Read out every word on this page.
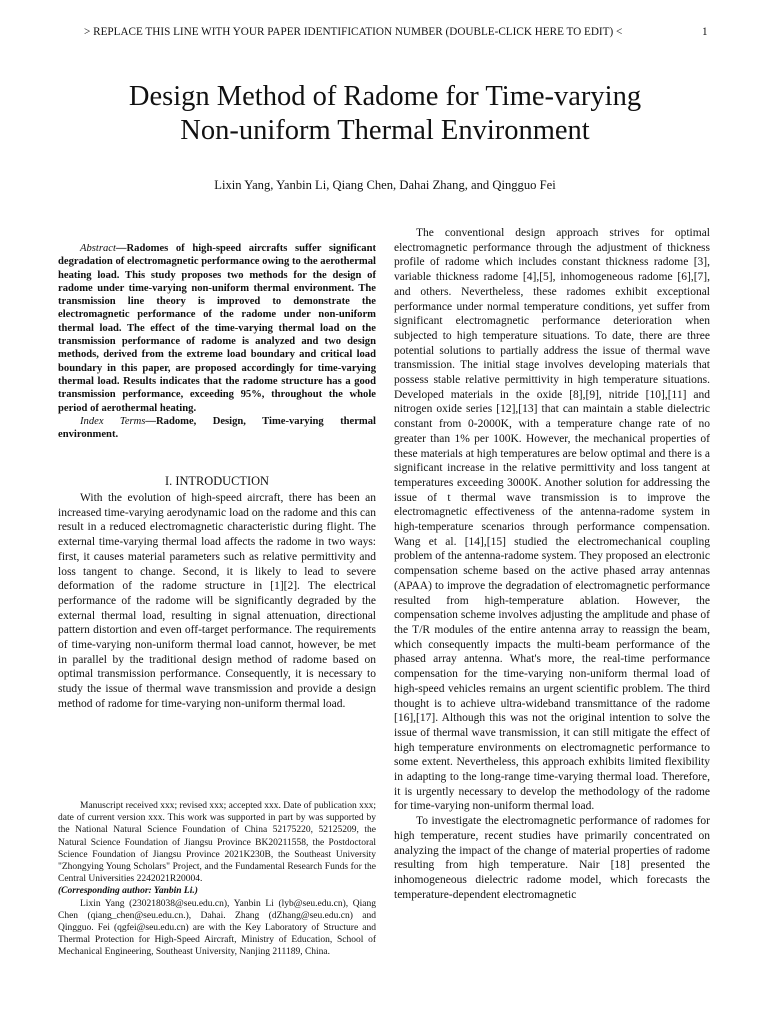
> REPLACE THIS LINE WITH YOUR PAPER IDENTIFICATION NUMBER (DOUBLE-CLICK HERE TO EDIT) <	1
Design Method of Radome for Time-varying
Non-uniform Thermal Environment
Lixin Yang, Yanbin Li, Qiang Chen, Dahai Zhang, and Qingguo Fei

Abstract—Radomes of high-speed aircrafts suffer significant degradation of electromagnetic performance owing to the aerothermal heating load. This study proposes two methods for the design of radome under time-varying non-uniform thermal environment. The transmission line theory is improved to demonstrate the electromagnetic performance of the radome under non-uniform thermal load. The effect of the time-varying thermal load on the transmission performance of radome is analyzed and two design methods, derived from the extreme load boundary and critical load boundary in this paper, are proposed accordingly for time-varying thermal load. Results indicates that the radome structure has a good transmission performance, exceeding 95%, throughout the whole period of aerothermal heating.

Index Terms—Radome, Design, Time-varying thermal environment.

I. INTRODUCTION

With the evolution of high-speed aircraft, there has been an increased time-varying aerodynamic load on the radome and this can result in a reduced electromagnetic characteristic during flight. The external time-varying thermal load affects the radome in two ways: first, it causes material parameters such as relative permittivity and loss tangent to change. Second, it is likely to lead to severe deformation of the radome structure in [1][2]. The electrical performance of the radome will be significantly degraded by the external thermal load, resulting in signal attenuation, directional pattern distortion and even off-target performance. The requirements of time-varying non-uniform thermal load cannot, however, be met in parallel by the traditional design method of radome based on optimal transmission performance. Consequently, it is necessary to study the issue of thermal wave transmission and provide a design method of radome for time-varying non-uniform thermal load.

Manuscript received xxx; revised xxx; accepted xxx. Date of publication xxx; date of current version xxx. This work was supported in part by was supported by the National Natural Science Foundation of China 52175220, 52125209, the Natural Science Foundation of Jiangsu Province BK20211558, the Postdoctoral Science Foundation of Jiangsu Province 2021K230B, the Southeast University "Zhongying Young Scholars" Project, and the Fundamental Research Funds for the Central Universities 2242021R20004.
(Corresponding author: Yanbin Li.)

Lixin Yang (230218038@seu.edu.cn), Yanbin Li (lyb@seu.edu.cn), Qiang Chen (qiang_chen@seu.edu.cn.), Dahai. Zhang (dZhang@seu.edu.cn) and Qingguo. Fei (qgfei@seu.edu.cn) are with the Key Laboratory of Structure and Thermal Protection for High-Speed Aircraft, Ministry of Education, School of Mechanical Engineering, Southeast University, Nanjing 211189, China.

The conventional design approach strives for optimal electromagnetic performance through the adjustment of thickness profile of radome which includes constant thickness radome [3], variable thickness radome [4],[5], inhomogeneous radome [6],[7], and others. Nevertheless, these radomes exhibit exceptional performance under normal temperature conditions, yet suffer from significant electromagnetic performance deterioration when subjected to high temperature situations. To date, there are three potential solutions to partially address the issue of thermal wave transmission. The initial stage involves developing materials that possess stable relative permittivity in high temperature situations. Developed materials in the oxide [8],[9], nitride [10],[11] and nitrogen oxide series [12],[13] that can maintain a stable dielectric constant from 0-2000K, with a temperature change rate of no greater than 1% per 100K. However, the mechanical properties of these materials at high temperatures are below optimal and there is a significant increase in the relative permittivity and loss tangent at temperatures exceeding 3000K. Another solution for addressing the issue of t thermal wave transmission is to improve the electromagnetic effectiveness of the antenna-radome system in high-temperature scenarios through performance compensation. Wang et al. [14],[15] studied the electromechanical coupling problem of the antenna-radome system. They proposed an electronic compensation scheme based on the active phased array antennas (APAA) to improve the degradation of electromagnetic performance resulted from high-temperature ablation. However, the compensation scheme involves adjusting the amplitude and phase of the T/R modules of the entire antenna array to reassign the beam, which consequently impacts the multi-beam performance of the phased array antenna. What's more, the real-time performance compensation for the time-varying non-uniform thermal load of high-speed vehicles remains an urgent scientific problem. The third thought is to achieve ultra-wideband transmittance of the radome [16],[17]. Although this was not the original intention to solve the issue of thermal wave transmission, it can still mitigate the effect of high temperature environments on electromagnetic performance to some extent. Nevertheless, this approach exhibits limited flexibility in adapting to the long-range time-varying thermal load. Therefore, it is urgently necessary to develop the methodology of the radome for time-varying non-uniform thermal load.

To investigate the electromagnetic performance of radomes for high temperature, recent studies have primarily concentrated on analyzing the impact of the change of material properties of radome resulting from high temperature. Nair [18] presented the inhomogeneous dielectric radome model, which forecasts the temperature-dependent electromagnetic
